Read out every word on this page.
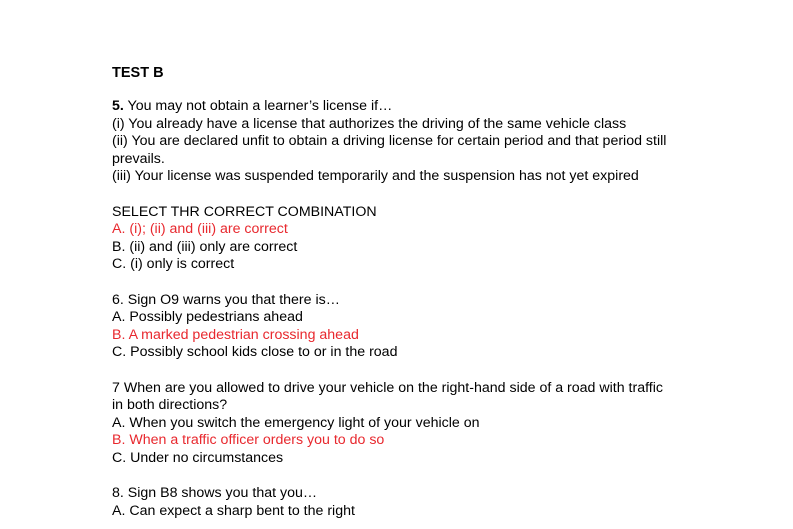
TEST B

5. You may not obtain a learner’s license if…

(i) You already have a license that authorizes the driving of the same vehicle class

(ii) You are declared unfit to obtain a driving license for certain period and that period still prevails.

(iii) Your license was suspended temporarily and the suspension has not yet expired

SELECT THR CORRECT COMBINATION

A. (i); (ii) and (iii) are correct

B. (ii) and (iii) only are correct

C. (i) only is correct

6. Sign O9 warns you that there is…

A. Possibly pedestrians ahead

B. A marked pedestrian crossing ahead

C. Possibly school kids close to or in the road

7 When are you allowed to drive your vehicle on the right-hand side of a road with traffic in both directions?

A. When you switch the emergency light of your vehicle on

B. When a traffic officer orders you to do so

C. Under no circumstances

8. Sign B8 shows you that you…

A. Can expect a sharp bent to the right
